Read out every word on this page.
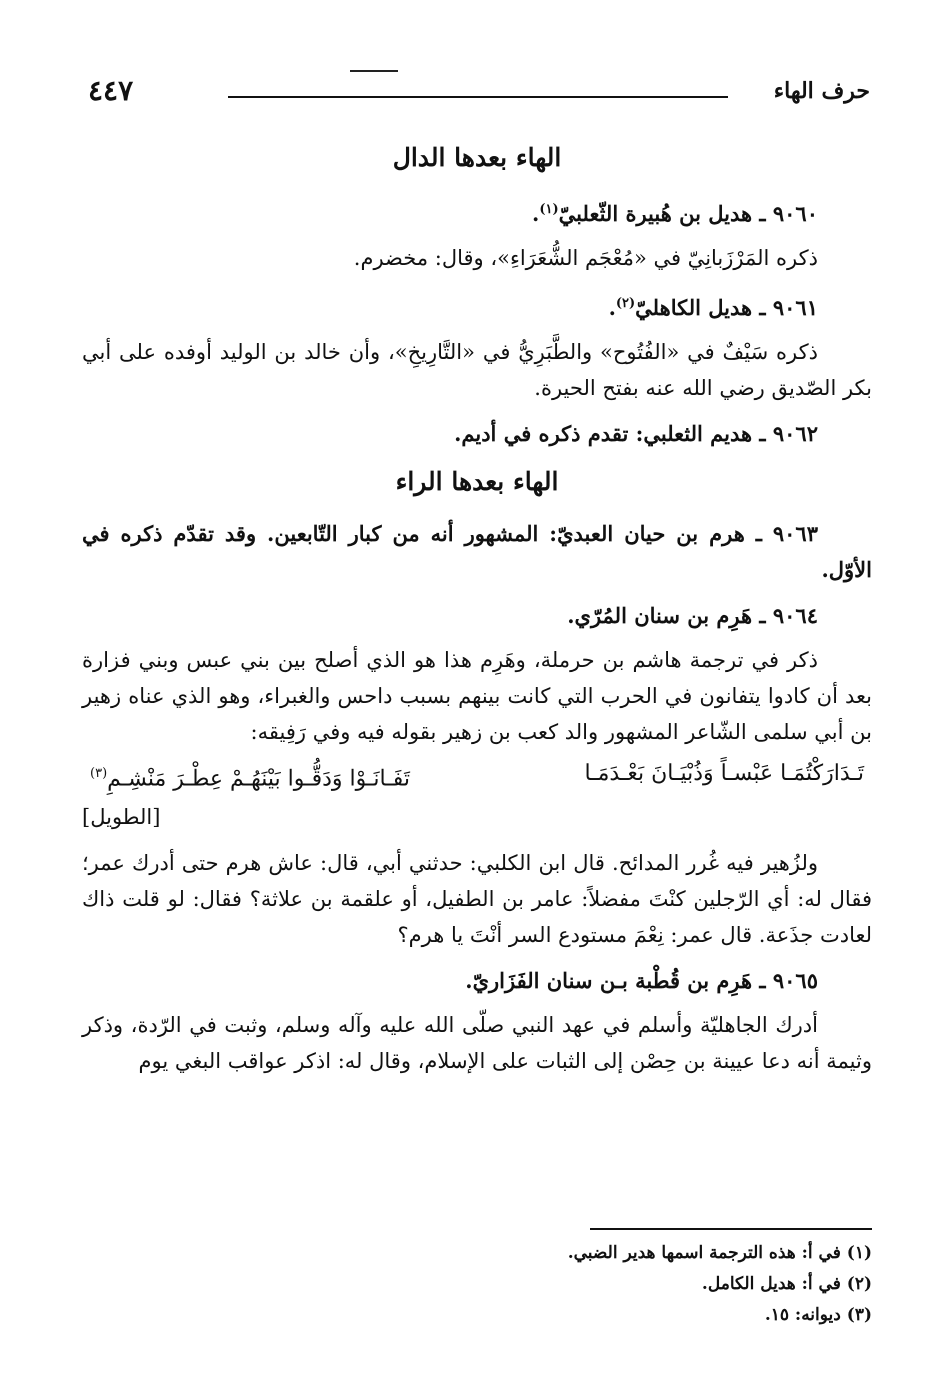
٤٤٧	حرف الهاء
الهاء بعدها الدال
٩٠٦٠ ـ هديل بن هُبيرة الثّعلبيّ$^{(١)}$.
ذكره المَرْزَبانِيّ في «مُعْجَم الشُّعَرَاءِ»، وقال: مخضرم.
٩٠٦١ ـ هديل الكاهليّ$^{(٢)}$.
ذكره سَيْفٌ في «الفُتُوح» والطَّبَرِيُّ في «التَّارِيخِ»، وأن خالد بن الوليد أوفده على أبي بكر الصّديق رضي الله عنه بفتح الحيرة.
٩٠٦٢ ـ هديم الثعلبي: تقدم ذكره في أديم.
الهاء بعدها الراء
٩٠٦٣ ـ هرم بن حيان العبديّ: المشهور أنه من كبار التّابعين. وقد تقدّم ذكره في الأوّل.
٩٠٦٤ ـ هَرِم بن سنان المُرّي.
ذكر في ترجمة هاشم بن حرملة، وهَرِم هذا هو الذي أصلح بين بني عبس وبني فزارة بعد أن كادوا يتفانون في الحرب التي كانت بينهم بسبب داحس والغبراء، وهو الذي عناه زهير بن أبي سلمى الشّاعر المشهور والد كعب بن زهير بقوله فيه وفي رَفِيقه:
تَـدَارَكْتُمَـا عَبْسـاً وَذُبْيَـانَ بَعْـدَمَـا
تَفَـانَـوْا وَدَقُّـوا بَيْنَهُـمْ عِطْـرَ مَنْشِـمِ$^{(٣)}$
[الطويل]
ولزُهير فيه غُرر المدائح. قال ابن الكلبي: حدثني أبي، قال: عاش هرم حتى أدرك عمر؛ فقال له: أي الرّجلين كنْتَ مفضلاً: عامر بن الطفيل، أو علقمة بن علاثة؟ فقال: لو قلت ذاك لعادت جذَعة. قال عمر: نِعْمَ مستودع السر أنْتَ يا هرم؟
٩٠٦٥ ـ هَرِم بن قُطْبة بـن سنان الفَزَاريّ.
أدرك الجاهليّة وأسلم في عهد النبي صلّى الله عليه وآله وسلم، وثبت في الرّدة، وذكر وثيمة أنه دعا عيينة بن حِصْن إلى الثبات على الإسلام، وقال له: اذكر عواقب البغي يوم
(١) في أ: هذه الترجمة اسمها هدير الضبي.
(٢) في أ: هديل الكامل.
(٣) ديوانه: ١٥.
